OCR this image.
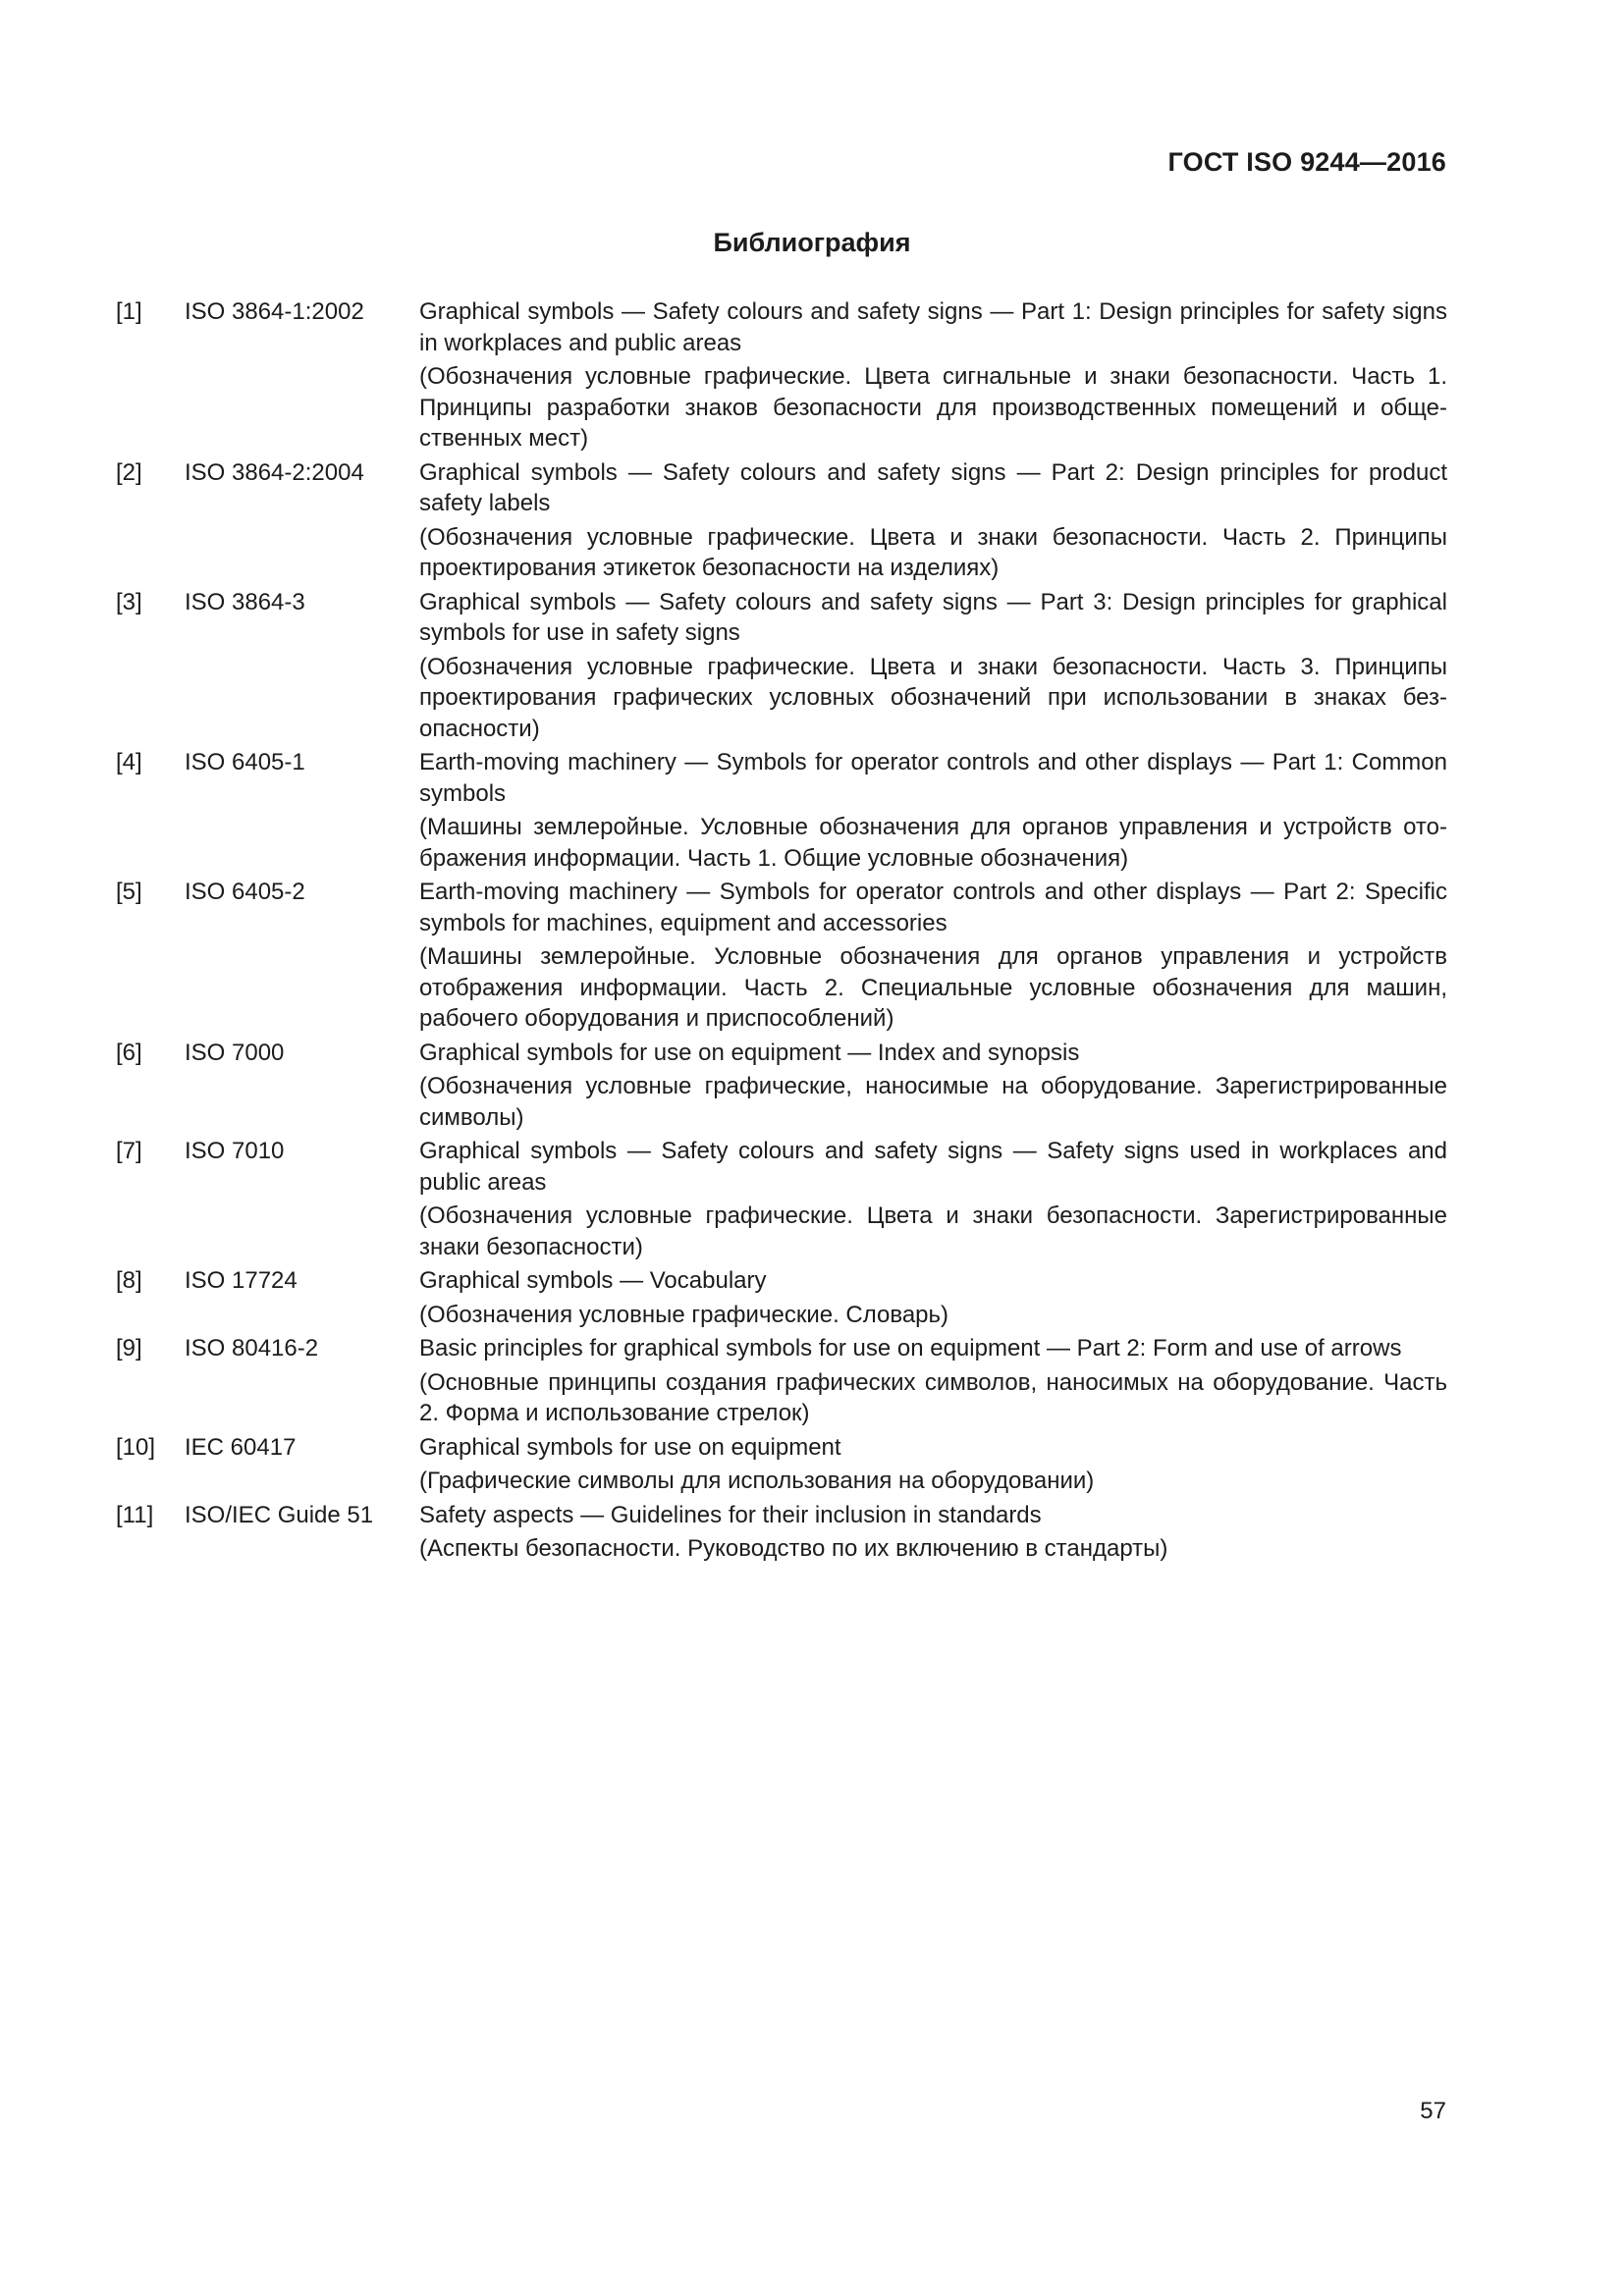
ГОСТ ISO 9244—2016
Библиография
[1]	ISO 3864-1:2002	Graphical symbols — Safety colours and safety signs — Part 1: Design principles for safety signs in workplaces and public areas
(Обозначения условные графические. Цвета сигнальные и знаки безопасности. Часть 1. Принципы разработки знаков безопасности для производственных помещений и общественных мест)
[2]	ISO 3864-2:2004	Graphical symbols — Safety colours and safety signs — Part 2: Design principles for product safety labels
(Обозначения условные графические. Цвета и знаки безопасности. Часть 2. Принципы проектирования этикеток безопасности на изделиях)
[3]	ISO 3864-3	Graphical symbols — Safety colours and safety signs — Part 3: Design principles for graphical symbols for use in safety signs
(Обозначения условные графические. Цвета и знаки безопасности. Часть 3. Принципы проектирования графических условных обозначений при использовании в знаках безопасности)
[4]	ISO 6405-1	Earth-moving machinery — Symbols for operator controls and other displays — Part 1: Common symbols
(Машины землеройные. Условные обозначения для органов управления и устройств отображения информации. Часть 1. Общие условные обозначения)
[5]	ISO 6405-2	Earth-moving machinery — Symbols for operator controls and other displays — Part 2: Specific symbols for machines, equipment and accessories
(Машины землеройные. Условные обозначения для органов управления и устройств отображения информации. Часть 2. Специальные условные обозначения для машин, рабочего оборудования и приспособлений)
[6]	ISO 7000	Graphical symbols for use on equipment — Index and synopsis
(Обозначения условные графические, наносимые на оборудование. Зарегистрированные символы)
[7]	ISO 7010	Graphical symbols — Safety colours and safety signs — Safety signs used in workplaces and public areas
(Обозначения условные графические. Цвета и знаки безопасности. Зарегистрированные знаки безопасности)
[8]	ISO 17724	Graphical symbols — Vocabulary
(Обозначения условные графические. Словарь)
[9]	ISO 80416-2	Basic principles for graphical symbols for use on equipment — Part 2: Form and use of arrows
(Основные принципы создания графических символов, наносимых на оборудование. Часть 2. Форма и использование стрелок)
[10]	IEC 60417	Graphical symbols for use on equipment
(Графические символы для использования на оборудовании)
[11]	ISO/IEC Guide 51	Safety aspects — Guidelines for their inclusion in standards
(Аспекты безопасности. Руководство по их включению в стандарты)
57
